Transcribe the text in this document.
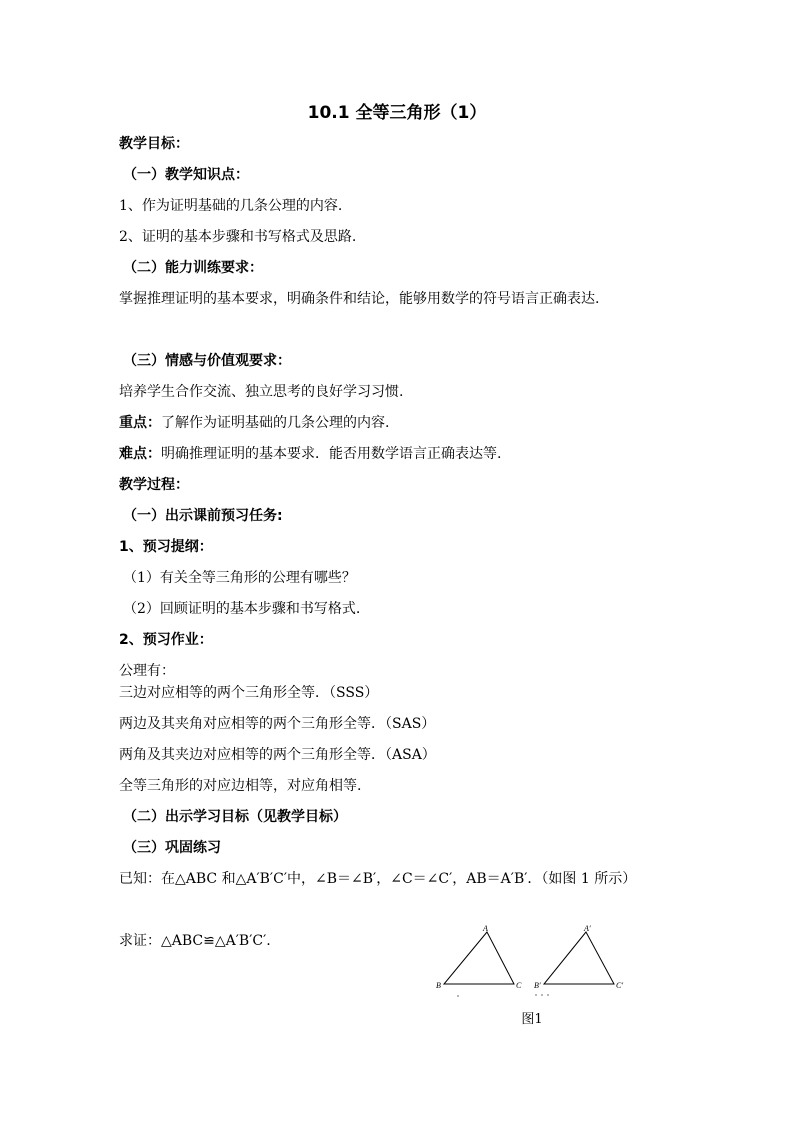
10.1 全等三角形（1）
教学目标：
（一）教学知识点：
1、作为证明基础的几条公理的内容.
2、证明的基本步骤和书写格式及思路.
（二）能力训练要求：
掌握推理证明的基本要求，明确条件和结论，能够用数学的符号语言正确表达.
（三）情感与价值观要求：
培养学生合作交流、独立思考的良好学习习惯.
重点：了解作为证明基础的几条公理的内容.
难点：明确推理证明的基本要求．能否用数学语言正确表达等.
教学过程：
（一）出示课前预习任务:
1、预习提纲：
（1）有关全等三角形的公理有哪些？
（2）回顾证明的基本步骤和书写格式.
2、预习作业：
公理有：
三边对应相等的两个三角形全等．（SSS）
两边及其夹角对应相等的两个三角形全等．（SAS）
两角及其夹边对应相等的两个三角形全等．（ASA）
全等三角形的对应边相等，对应角相等.
（二）出示学习目标（见教学目标）
（三）巩固练习
已知：在△ABC 和△A′B′C′中，∠B＝∠B′，∠C＝∠C′，AB＝A′B′．（如图 1 所示）
求证：△ABC≌△A′B′C′.
A
B	C
A′
B′	C′
图1
